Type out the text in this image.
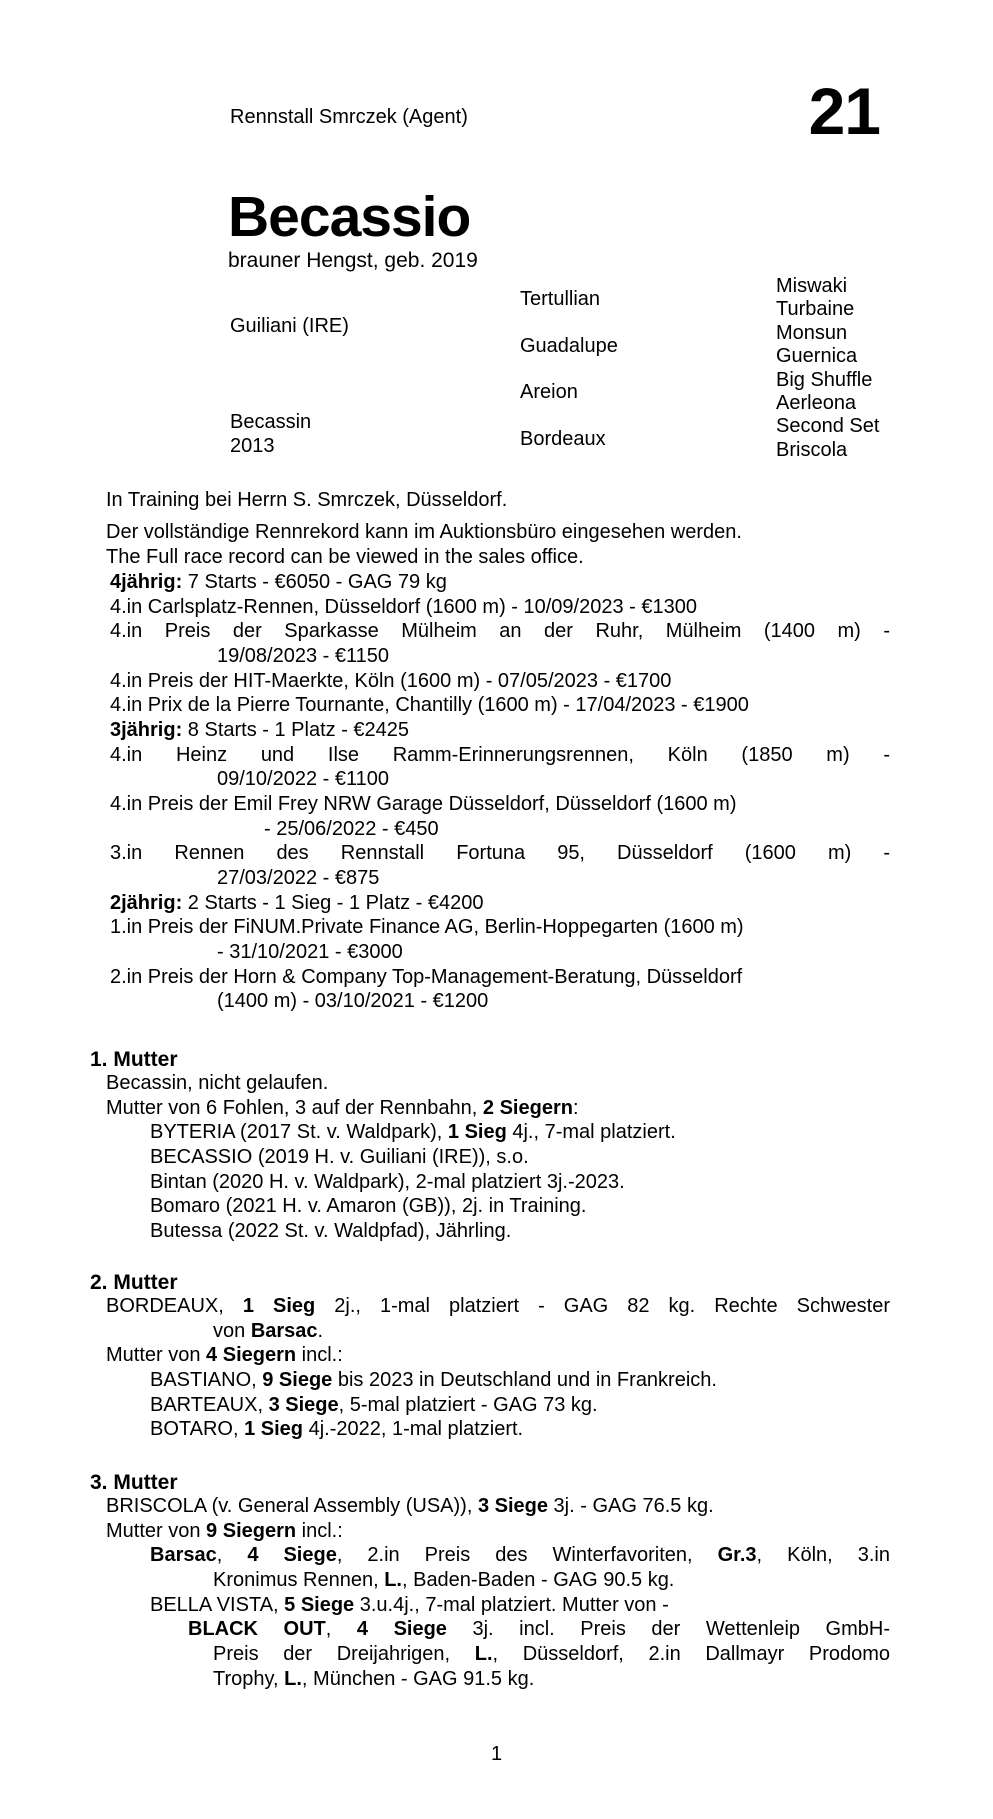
Rennstall Smrczek (Agent)	21
Becassio
brauner Hengst, geb. 2019
Guiliani (IRE)
Becassin
2013
Tertullian
Guadalupe
Areion
Bordeaux
Miswaki
Turbaine
Monsun
Guernica
Big Shuffle
Aerleona
Second Set
Briscola
In Training bei Herrn S. Smrczek, Düsseldorf.
Der vollständige Rennrekord kann im Auktionsbüro eingesehen werden.
The Full race record can be viewed in the sales office.
4jährig: 7 Starts - €6050 - GAG 79 kg
4.in Carlsplatz-Rennen, Düsseldorf (1600 m) - 10/09/2023 - €1300
4.in Preis der Sparkasse Mülheim an der Ruhr, Mülheim (1400 m) -
19/08/2023 - €1150
4.in Preis der HIT-Maerkte, Köln (1600 m) - 07/05/2023 - €1700
4.in Prix de la Pierre Tournante, Chantilly (1600 m) - 17/04/2023 - €1900
3jährig: 8 Starts - 1 Platz - €2425
4.in Heinz und Ilse Ramm-Erinnerungsrennen, Köln (1850 m) -
09/10/2022 - €1100
4.in Preis der Emil Frey NRW Garage Düsseldorf, Düsseldorf (1600 m)
- 25/06/2022 - €450
3.in Rennen des Rennstall Fortuna 95, Düsseldorf (1600 m) -
27/03/2022 - €875
2jährig: 2 Starts - 1 Sieg - 1 Platz - €4200
1.in Preis der FiNUM.Private Finance AG, Berlin-Hoppegarten (1600 m)
- 31/10/2021 - €3000
2.in Preis der Horn & Company Top-Management-Beratung, Düsseldorf
(1400 m) - 03/10/2021 - €1200
1. Mutter
Becassin, nicht gelaufen.
Mutter von 6 Fohlen, 3 auf der Rennbahn, 2 Siegern:
BYTERIA (2017 St. v. Waldpark), 1 Sieg 4j., 7-mal platziert.
BECASSIO (2019 H. v. Guiliani (IRE)), s.o.
Bintan (2020 H. v. Waldpark), 2-mal platziert 3j.-2023.
Bomaro (2021 H. v. Amaron (GB)), 2j. in Training.
Butessa (2022 St. v. Waldpfad), Jährling.
2. Mutter
BORDEAUX, 1 Sieg 2j., 1-mal platziert - GAG 82 kg. Rechte Schwester
von Barsac.
Mutter von 4 Siegern incl.:
BASTIANO, 9 Siege bis 2023 in Deutschland und in Frankreich.
BARTEAUX, 3 Siege, 5-mal platziert - GAG 73 kg.
BOTARO, 1 Sieg 4j.-2022, 1-mal platziert.
3. Mutter
BRISCOLA (v. General Assembly (USA)), 3 Siege 3j. - GAG 76.5 kg.
Mutter von 9 Siegern incl.:
Barsac, 4 Siege, 2.in Preis des Winterfavoriten, Gr.3, Köln, 3.in
Kronimus Rennen, L., Baden-Baden - GAG 90.5 kg.
BELLA VISTA, 5 Siege 3.u.4j., 7-mal platziert. Mutter von -
BLACK OUT, 4 Siege 3j. incl. Preis der Wettenleip GmbH-
Preis der Dreijahrigen, L., Düsseldorf, 2.in Dallmayr Prodomo
Trophy, L., München - GAG 91.5 kg.
1
